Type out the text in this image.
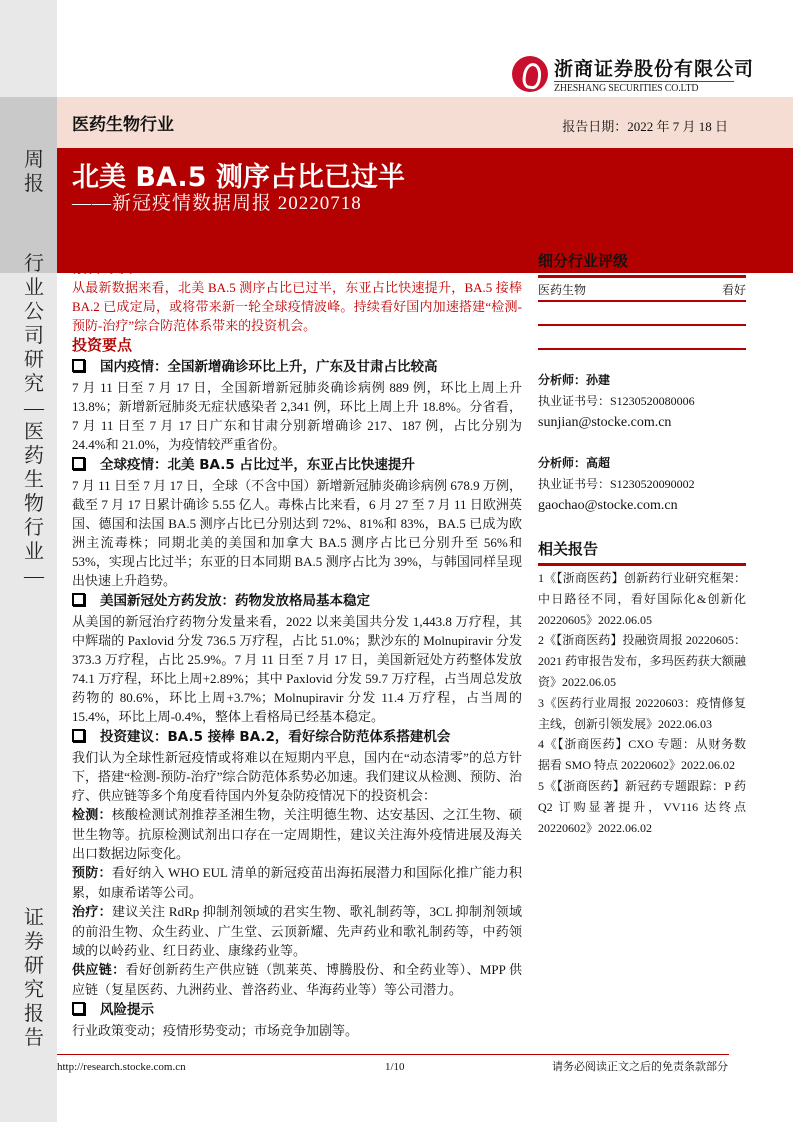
周报
行业公司研究—医药生物行业—
证券研究报告
浙商证券股份有限公司
ZHESHANG SECURITIES CO.LTD
医药生物行业	报告日期：2022 年 7 月 18 日
北美 BA.5 测序占比已过半
——新冠疫情数据周报 20220718
报告导读

从最新数据来看，北美 BA.5 测序占比已过半，东亚占比快速提升，BA.5 接棒 BA.2 已成定局，或将带来新一轮全球疫情波峰。持续看好国内加速搭建“检测-预防-治疗”综合防范体系带来的投资机会。

投资要点
国内疫情：全国新增确诊环比上升，广东及甘肃占比较高

7 月 11 日至 7 月 17 日，全国新增新冠肺炎确诊病例 889 例，环比上周上升 13.8%；新增新冠肺炎无症状感染者 2,341 例，环比上周上升 18.8%。分省看，7 月 11 日至 7 月 17 日广东和甘肃分别新增确诊 217、187 例，占比分别为 24.4%和 21.0%，为疫情较严重省份。

全球疫情：北美 BA.5 占比过半，东亚占比快速提升

7 月 11 日至 7 月 17 日，全球（不含中国）新增新冠肺炎确诊病例 678.9 万例，截至 7 月 17 日累计确诊 5.55 亿人。毒株占比来看，6 月 27 至 7 月 11 日欧洲英国、德国和法国 BA.5 测序占比已分别达到 72%、81%和 83%，BA.5 已成为欧洲主流毒株；同期北美的美国和加拿大 BA.5 测序占比已分别升至 56%和 53%，实现占比过半；东亚的日本同期 BA.5 测序占比为 39%，与韩国同样呈现出快速上升趋势。

美国新冠处方药发放：药物发放格局基本稳定

从美国的新冠治疗药物分发量来看，2022 以来美国共分发 1,443.8 万疗程，其中辉瑞的 Paxlovid 分发 736.5 万疗程，占比 51.0%；默沙东的 Molnupiravir 分发 373.3 万疗程，占比 25.9%。7 月 11 日至 7 月 17 日，美国新冠处方药整体发放 74.1 万疗程，环比上周+2.89%；其中 Paxlovid 分发 59.7 万疗程，占当周总发放药物的 80.6%，环比上周+3.7%；Molnupiravir 分发 11.4 万疗程，占当周的 15.4%，环比上周-0.4%，整体上看格局已经基本稳定。

投资建议：BA.5 接棒 BA.2，看好综合防范体系搭建机会

我们认为全球性新冠疫情或将难以在短期内平息，国内在“动态清零”的总方针下，搭建“检测-预防-治疗”综合防范体系势必加速。我们建议从检测、预防、治疗、供应链等多个角度看待国内外复杂防疫情况下的投资机会：

检测：核酸检测试剂推荐圣湘生物，关注明德生物、达安基因、之江生物、硕世生物等。抗原检测试剂出口存在一定周期性，建议关注海外疫情进展及海关出口数据边际变化。

预防：看好纳入 WHO EUL 清单的新冠疫苗出海拓展潜力和国际化推广能力积累，如康希诺等公司。

治疗：建议关注 RdRp 抑制剂领域的君实生物、歌礼制药等，3CL 抑制剂领域的前沿生物、众生药业、广生堂、云顶新耀、先声药业和歌礼制药等，中药领域的以岭药业、红日药业、康缘药业等。

供应链：看好创新药生产供应链（凯莱英、博腾股份、和全药业等）、MPP 供应链（复星医药、九洲药业、普洛药业、华海药业等）等公司潜力。

风险提示

行业政策变动；疫情形势变动；市场竞争加剧等。

细分行业评级
医药生物	看好
分析师：孙建
执业证书号：S1230520080006
sunjian@stocke.com.cn
分析师：高超
执业证书号：S1230520090002
gaochao@stocke.com.cn
相关报告
1《【浙商医药】创新药行业研究框架：中日路径不同，看好国际化&创新化 20220605》2022.06.05
2《【浙商医药】投融资周报 20220605：2021 药审报告发布，多玛医药获大额融资》2022.06.05
3《医药行业周报 20220603：疫情修复主线，创新引领发展》2022.06.03
4《【浙商医药】CXO 专题：从财务数据看 SMO 特点 20220602》2022.06.02
5《【浙商医药】新冠药专题跟踪：P 药 Q2 订购显著提升，VV116 达终点 20220602》2022.06.02
http://research.stocke.com.cn	1/10	请务必阅读正文之后的免责条款部分
